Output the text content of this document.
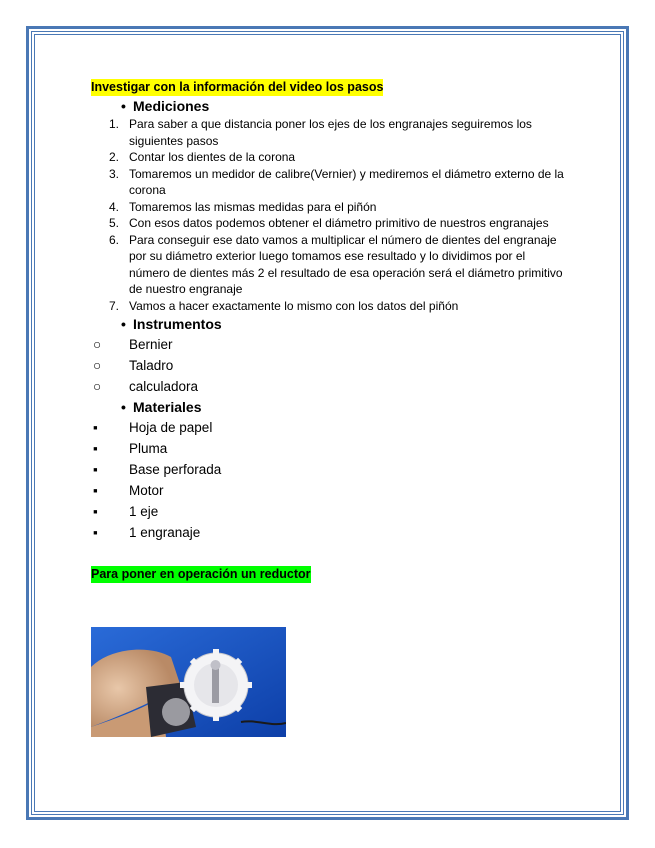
Investigar con la información del video los pasos
• Mediciones
1. Para saber a que distancia poner los ejes de los engranajes seguiremos los siguientes pasos
2. Contar los dientes de la corona
3. Tomaremos un medidor de calibre(Vernier) y mediremos el diámetro externo de la corona
4. Tomaremos las mismas medidas para el piñón
5. Con esos datos podemos obtener el diámetro primitivo de nuestros engranajes
6. Para conseguir ese dato vamos a multiplicar el número de dientes del engranaje por su diámetro exterior luego tomamos ese resultado y lo dividimos por el número de dientes más 2 el resultado de esa operación será el diámetro primitivo de nuestro engranaje
7. Vamos a hacer exactamente lo mismo con los datos del piñón
• Instrumentos
○ Bernier
○ Taladro
○ calculadora
• Materiales
▪ Hoja de papel
▪ Pluma
▪ Base perforada
▪ Motor
▪ 1 eje
▪ 1 engranaje
Para poner en operación un reductor
